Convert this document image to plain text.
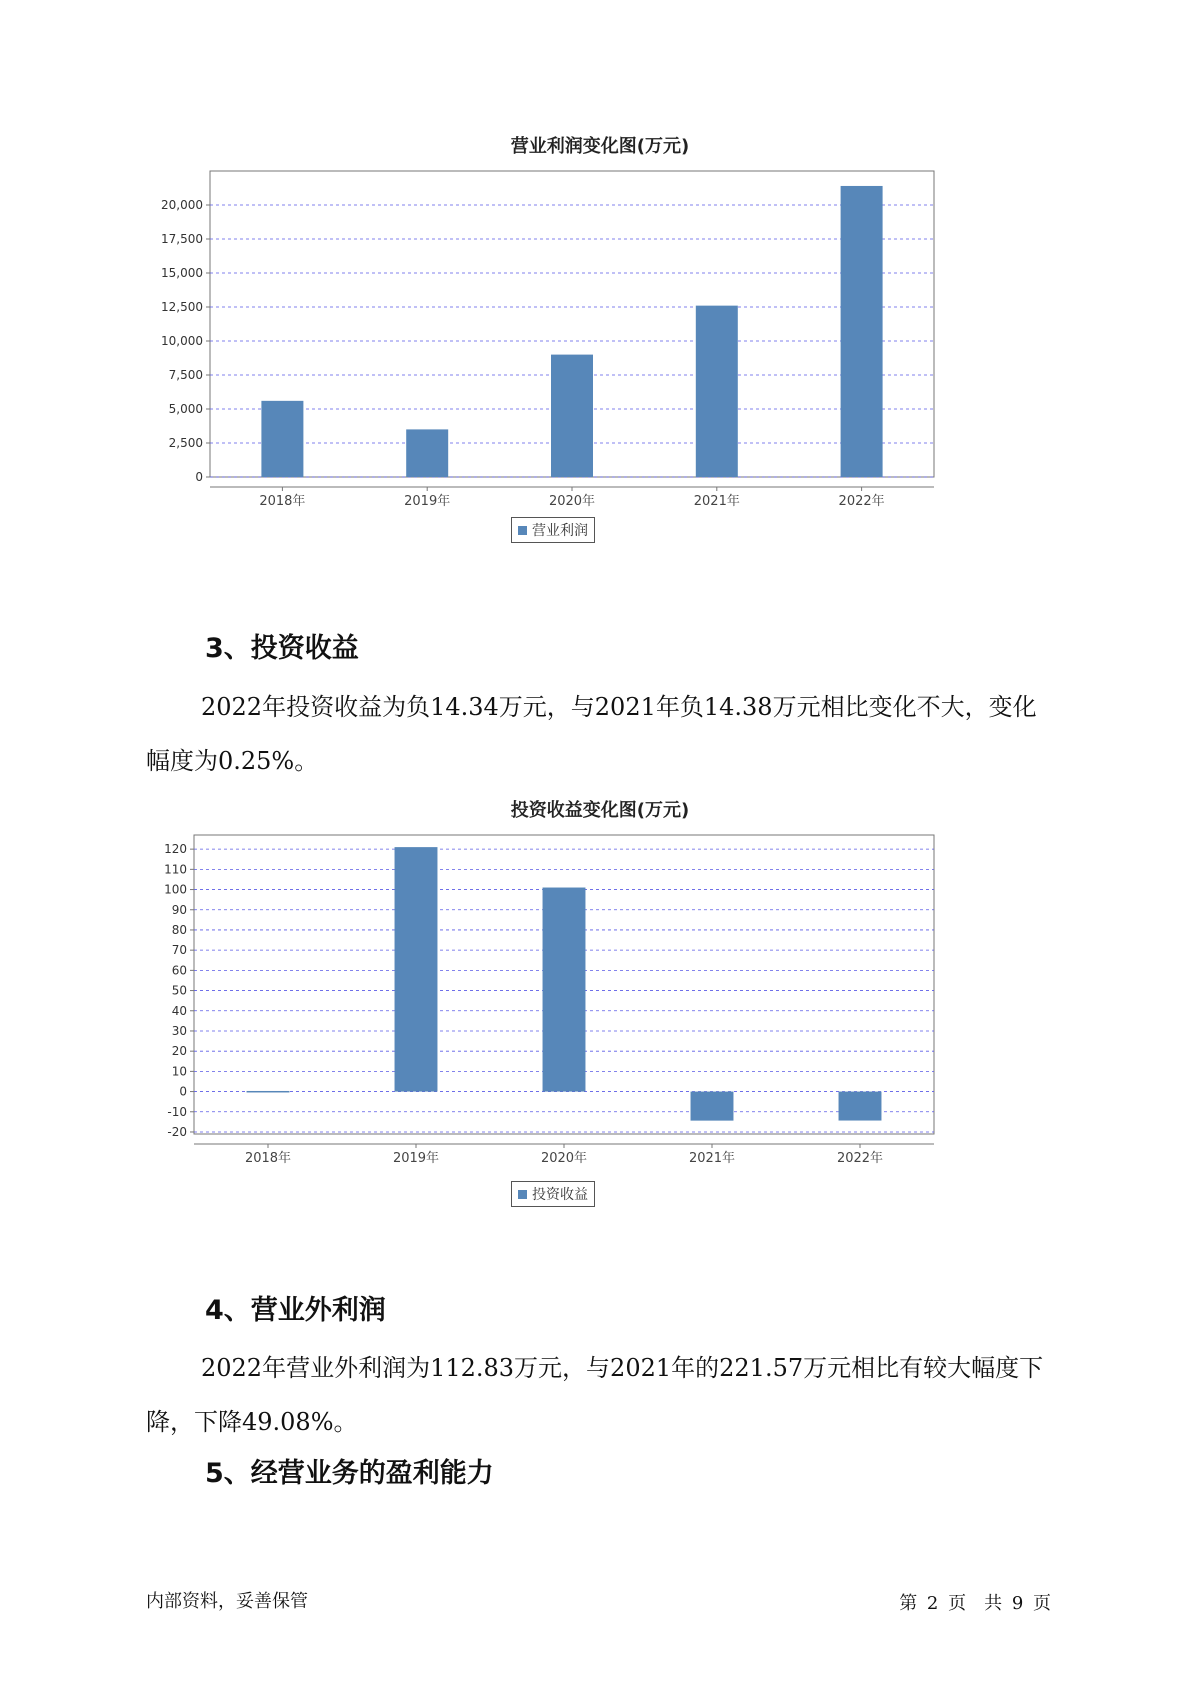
营业利润变化图(万元)
0
2,500
5,000
7,500
10,000
12,500
15,000
17,500
20,000
2018年	2019年	2020年	2021年	2022年
营业利润
3、投资收益
2022年投资收益为负14.34万元，与2021年负14.38万元相比变化不大，变化幅度为0.25%。
投资收益变化图(万元)
-20
-10
0
10
20
30
40
50
60
70
80
90
100
110
120
2018年	2019年	2020年	2021年	2022年
投资收益
4、营业外利润
2022年营业外利润为112.83万元，与2021年的221.57万元相比有较大幅度下降，下降49.08%。
5、经营业务的盈利能力
内部资料，妥善保管	第 2 页　共 9 页
